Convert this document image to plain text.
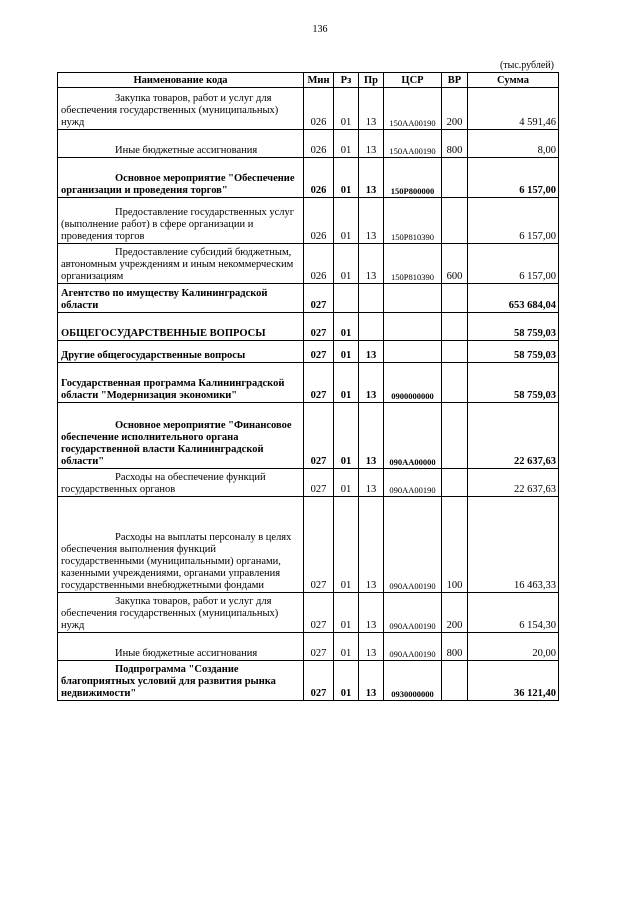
136
(тыс.рублей)
Наименование кода	Мин	Рз	Пр	ЦСР	ВР	Сумма
Закупка товаров, работ и услуг для обеспечения государственных (муниципальных) нужд	026	01	13	150АА00190	200	4 591,46
Иные бюджетные ассигнования	026	01	13	150АА00190	800	8,00
Основное мероприятие "Обеспечение организации и проведения торгов"	026	01	13	150Р800000		6 157,00
Предоставление государственных услуг (выполнение работ) в сфере организации и проведения торгов	026	01	13	150Р810390		6 157,00
Предоставление субсидий бюджетным, автономным учреждениям и иным некоммерческим организациям	026	01	13	150Р810390	600	6 157,00
Агентство по имуществу Калининградской области	027					653 684,04
ОБЩЕГОСУДАРСТВЕННЫЕ ВОПРОСЫ	027	01				58 759,03
Другие общегосударственные вопросы	027	01	13			58 759,03
Государственная программа Калининградской области "Модернизация экономики"	027	01	13	0900000000		58 759,03
Основное мероприятие "Финансовое обеспечение исполнительного органа государственной власти Калининградской области"	027	01	13	090АА00000		22 637,63
Расходы на обеспечение функций государственных органов	027	01	13	090АА00190		22 637,63
Расходы на выплаты персоналу в целях обеспечения выполнения функций государственными (муниципальными) органами, казенными учреждениями, органами управления государственными внебюджетными фондами	027	01	13	090АА00190	100	16 463,33
Закупка товаров, работ и услуг для обеспечения государственных (муниципальных) нужд	027	01	13	090АА00190	200	6 154,30
Иные бюджетные ассигнования	027	01	13	090АА00190	800	20,00
Подпрограмма "Создание благоприятных условий для развития рынка недвижимости"	027	01	13	0930000000		36 121,40
